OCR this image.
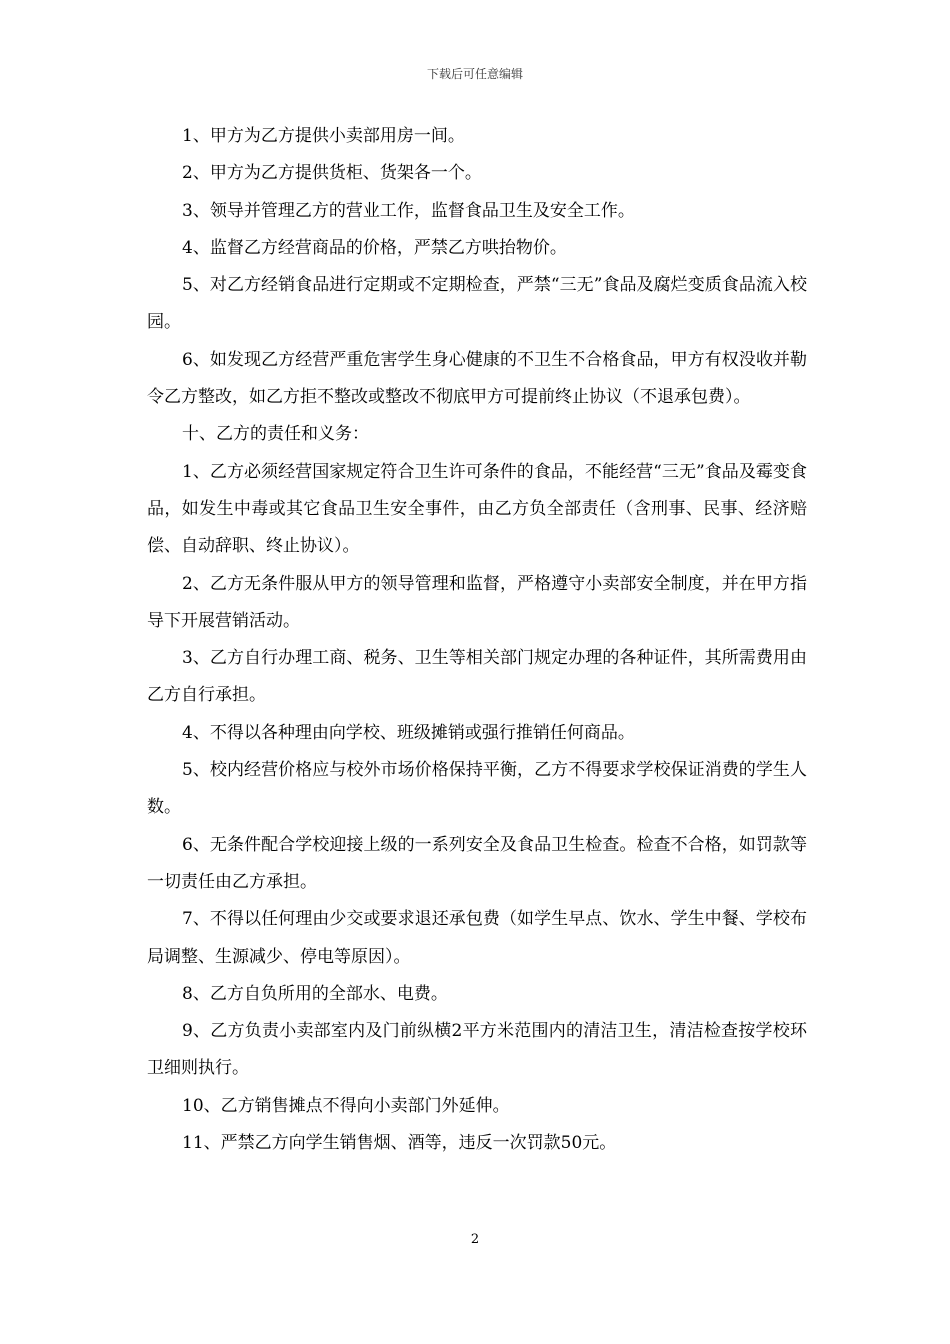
下载后可任意编辑

1、甲方为乙方提供小卖部用房一间。

2、甲方为乙方提供货柜、货架各一个。

3、领导并管理乙方的营业工作，监督食品卫生及安全工作。

4、监督乙方经营商品的价格，严禁乙方哄抬物价。

5、对乙方经销食品进行定期或不定期检查，严禁“三无”食品及腐烂变质食品流入校园。

6、如发现乙方经营严重危害学生身心健康的不卫生不合格食品，甲方有权没收并勒令乙方整改，如乙方拒不整改或整改不彻底甲方可提前终止协议（不退承包费）。

十、乙方的责任和义务：

1、乙方必须经营国家规定符合卫生许可条件的食品，不能经营“三无”食品及霉变食品，如发生中毒或其它食品卫生安全事件，由乙方负全部责任（含刑事、民事、经济赔偿、自动辞职、终止协议）。

2、乙方无条件服从甲方的领导管理和监督，严格遵守小卖部安全制度，并在甲方指导下开展营销活动。

3、乙方自行办理工商、税务、卫生等相关部门规定办理的各种证件，其所需费用由乙方自行承担。

4、不得以各种理由向学校、班级摊销或强行推销任何商品。

5、校内经营价格应与校外市场价格保持平衡，乙方不得要求学校保证消费的学生人数。

6、无条件配合学校迎接上级的一系列安全及食品卫生检查。检查不合格，如罚款等一切责任由乙方承担。

7、不得以任何理由少交或要求退还承包费（如学生早点、饮水、学生中餐、学校布局调整、生源减少、停电等原因）。

8、乙方自负所用的全部水、电费。

9、乙方负责小卖部室内及门前纵横2平方米范围内的清洁卫生，清洁检查按学校环卫细则执行。

10、乙方销售摊点不得向小卖部门外延伸。

11、严禁乙方向学生销售烟、酒等，违反一次罚款50元。

2
